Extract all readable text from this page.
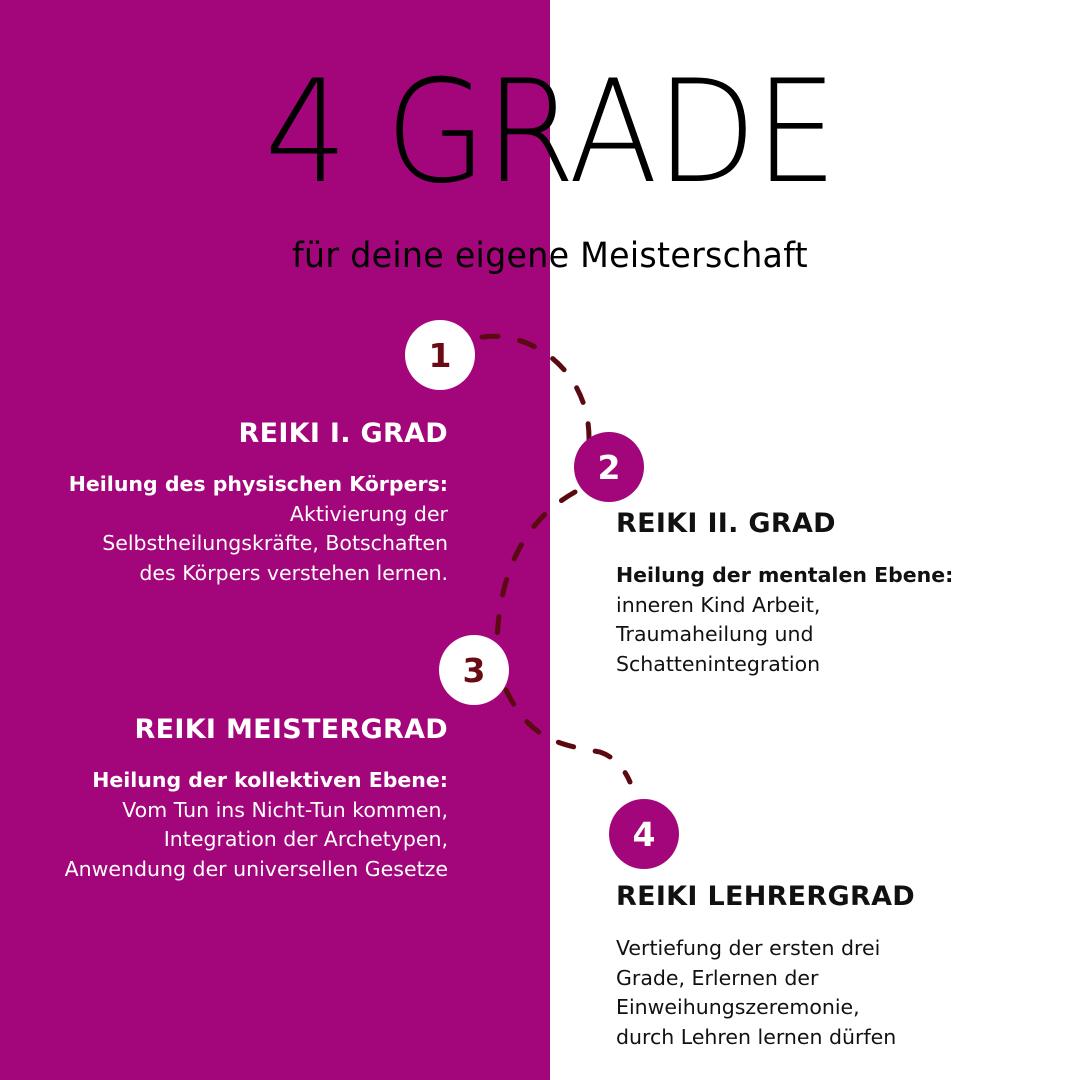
4 GRADE
für deine eigene Meisterschaft
1
REIKI I. GRAD
Heilung des physischen Körpers:
Aktivierung der
Selbstheilungskräfte, Botschaften
des Körpers verstehen lernen.
2
REIKI II. GRAD
Heilung der mentalen Ebene:
inneren Kind Arbeit,
Traumaheilung und
Schattenintegration
3
REIKI MEISTERGRAD
Heilung der kollektiven Ebene:
Vom Tun ins Nicht-Tun kommen,
Integration der Archetypen,
Anwendung der universellen Gesetze
4
REIKI LEHRERGRAD
Vertiefung der ersten drei
Grade, Erlernen der
Einweihungszeremonie,
durch Lehren lernen dürfen
